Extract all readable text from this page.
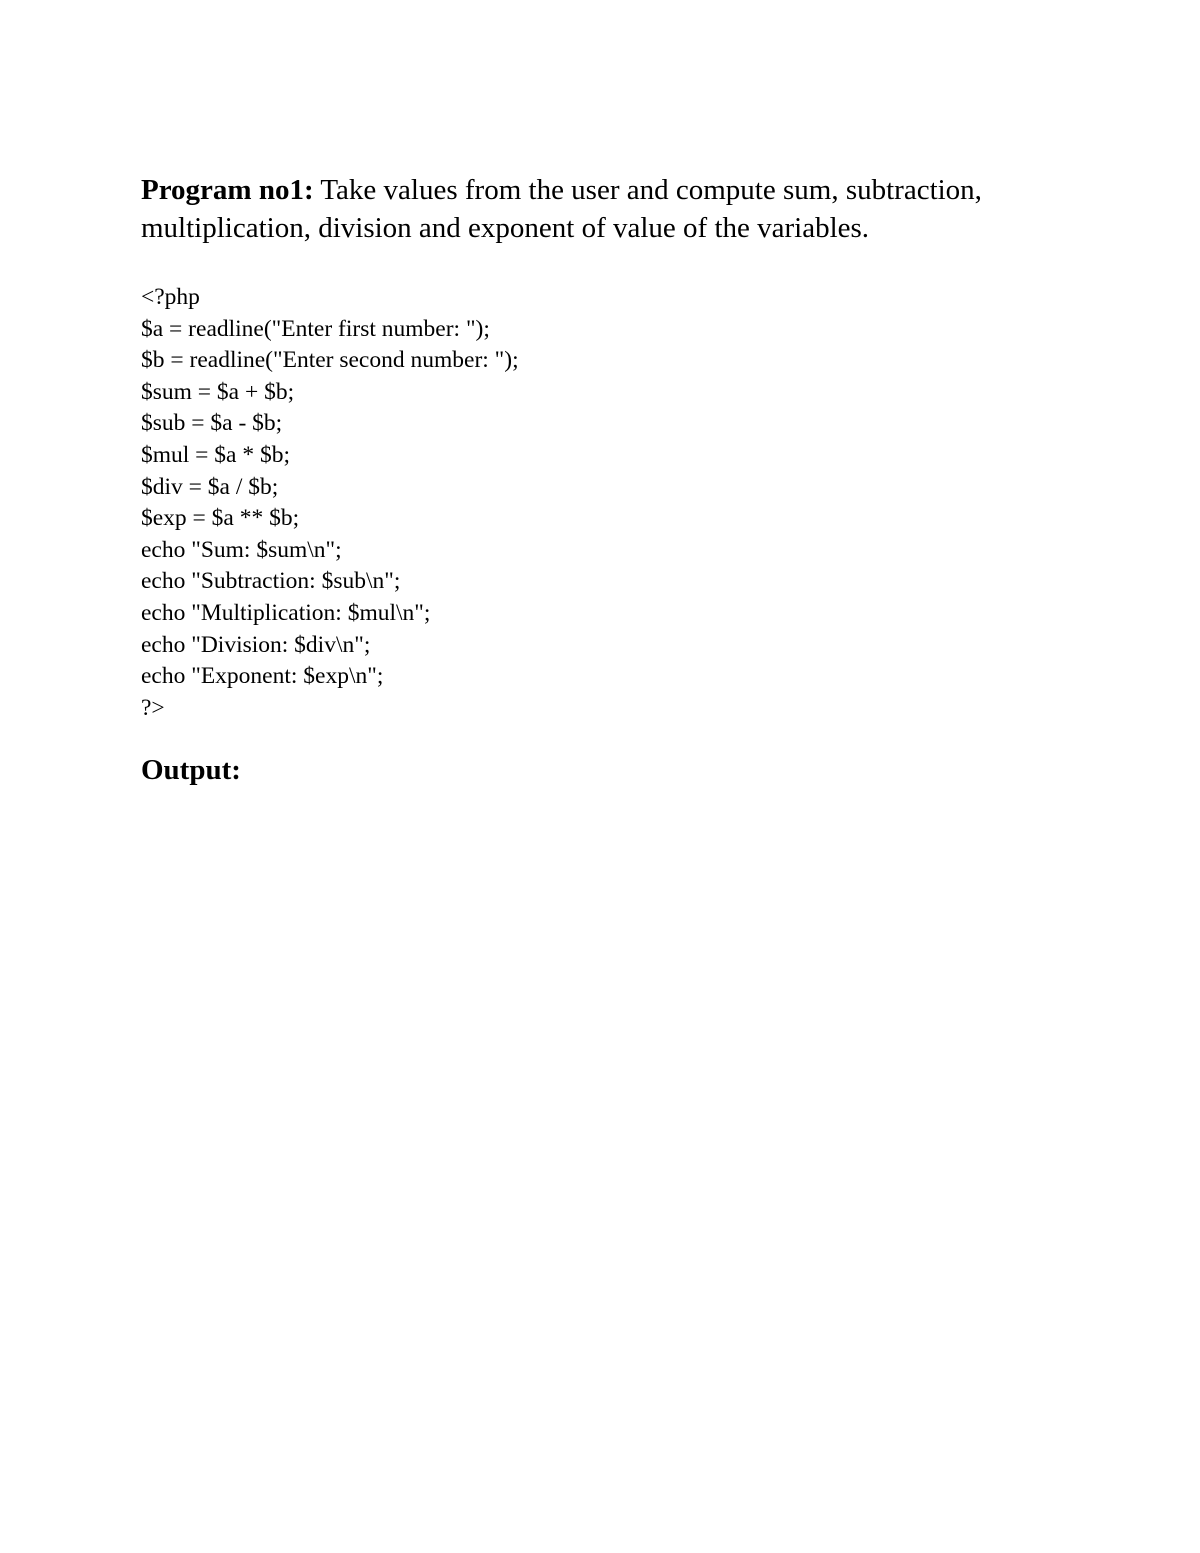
Program no1: Take values from the user and compute sum, subtraction,
multiplication, division and exponent of value of the variables.

<?php
$a = readline("Enter first number: ");
$b = readline("Enter second number: ");
$sum = $a + $b;
$sub = $a - $b;
$mul = $a * $b;
$div = $a / $b;
$exp = $a ** $b;
echo "Sum: $sum\n";
echo "Subtraction: $sub\n";
echo "Multiplication: $mul\n";
echo "Division: $div\n";
echo "Exponent: $exp\n";
?>

Output:
